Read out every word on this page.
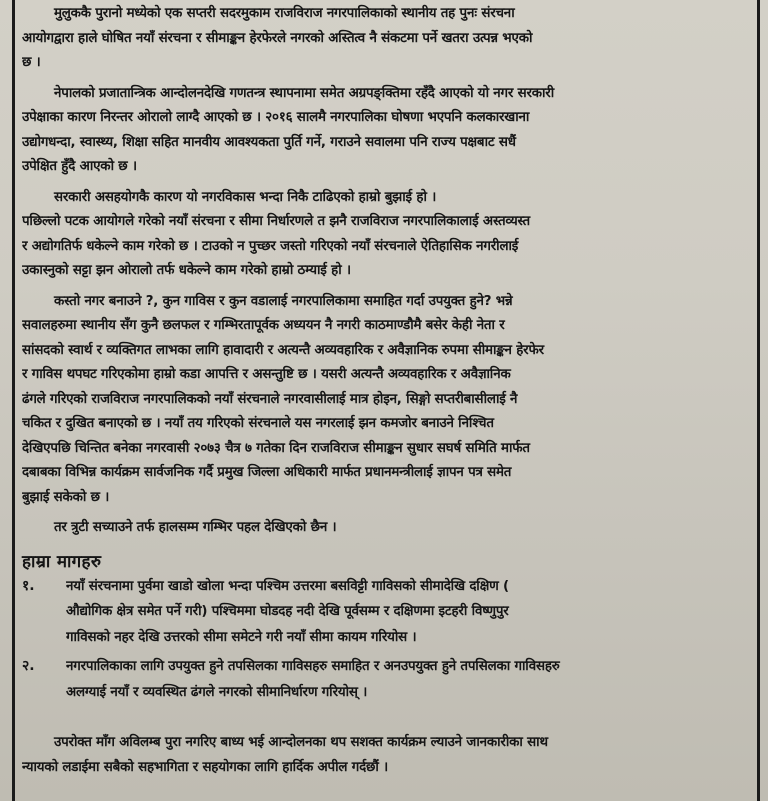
मुलुककै पुरानो मध्येको एक सप्तरी सदरमुकाम राजविराज नगरपालिकाको स्थानीय तह पुनः संरचना

आयोगद्वारा हाले घोषित नयाँ संरचना र सीमाङ्कन हेरफेरले नगरको अस्तित्व नै संकटमा पर्ने खतरा उत्पन्न भएको

छ ।

नेपालको प्रजातान्त्रिक आन्दोलनदेखि गणतन्त्र स्थापनामा समेत अग्रपङ्क्तिमा रहँदै आएको यो नगर सरकारी

उपेक्षाका कारण निरन्तर ओरालो लाग्दै आएको छ । २०१६ सालमै नगरपालिका घोषणा भएपनि कलकारखाना

उद्योगधन्दा, स्वास्थ्य, शिक्षा सहित मानवीय आवश्यकता पुर्ति गर्ने, गराउने सवालमा पनि राज्य पक्षबाट सधैं

उपेक्षित हुँदै आएको छ ।

सरकारी असहयोगकै कारण यो नगरविकास भन्दा निकै टाढिएको हाम्रो बुझाई हो ।

पछिल्लो पटक आयोगले गरेको नयाँ संरचना र सीमा निर्धारणले त झनै राजविराज नगरपालिकालाई अस्तव्यस्त

र अद्योगतिर्फ धकेल्ने काम गरेको छ । टाउको न पुच्छर जस्तो गरिएको नयाँ संरचनाले ऐतिहासिक नगरीलाई

उकास्नुको सट्टा झन ओरालो तर्फ धकेल्ने काम गरेको हाम्रो ठम्याई हो ।

कस्तो नगर बनाउने ?, कुन गाविस र कुन वडालाई नगरपालिकामा समाहित गर्दा उपयुक्त हुने? भन्ने

सवालहरुमा स्थानीय सँग कुनै छलफल र गम्भिरतापूर्वक अध्ययन नै नगरी काठमाण्डौमै बसेर केही नेता र

सांसदको स्वार्थ र व्यक्तिगत लाभका लागि हावादारी र अत्यन्तै अव्यवहारिक र अवैज्ञानिक रुपमा सीमाङ्कन हेरफेर

र गाविस थपघट गरिएकोमा हाम्रो कडा आपत्ति र असन्तुष्टि छ । यसरी अत्यन्तै अव्यवहारिक र अवैज्ञानिक

ढंगले गरिएको राजविराज नगरपालिकको नयाँ संरचनाले नगरवासीलाई मात्र होइन, सिङ्गो सप्तरीबासीलाई नै

चकित र दुखित बनाएको छ । नयाँ तय गरिएको संरचनाले यस नगरलाई झन कमजोर बनाउने निश्चित

देखिएपछि चिन्तित बनेका नगरवासी २०७३ चैत्र ७ गतेका दिन राजविराज सीमाङ्कन सुधार सघर्ष समिति मार्फत

दबाबका विभिन्न कार्यक्रम सार्वजनिक गर्दै प्रमुख जिल्ला अधिकारी मार्फत प्रधानमन्त्रीलाई ज्ञापन पत्र समेत

बुझाई सकेको छ ।

तर त्रुटी सच्याउने तर्फ हालसम्म गम्भिर पहल देखिएको छैन ।

हाम्रा मागहरु
१.	नयाँ संरचनामा पुर्वमा खाडो खोला भन्दा पश्चिम उत्तरमा बसविट्टी गाविसको सीमादेखि दक्षिण (

औद्योगिक क्षेत्र समेत पर्ने गरी) पश्चिममा घोडदह नदी देखि पूर्वसम्म र दक्षिणमा इटहरी विष्णुपुर

गाविसको नहर देखि उत्तरको सीमा समेटने गरी नयाँ सीमा कायम गरियोस ।

२.	नगरपालिकाका लागि उपयुक्त हुने तपसिलका गाविसहरु समाहित र अनउपयुक्त हुने तपसिलका गाविसहरु

अलग्याई नयाँ र व्यवस्थित ढंगले नगरको सीमानिर्धारण गरियोस् ।

उपरोक्त माँग अविलम्ब पुरा नगरिए बाध्य भई आन्दोलनका थप सशक्त कार्यक्रम ल्याउने जानकारीका साथ

न्यायको लडाईमा सबैको सहभागिता र सहयोगका लागि हार्दिक अपील गर्दछौं ।
